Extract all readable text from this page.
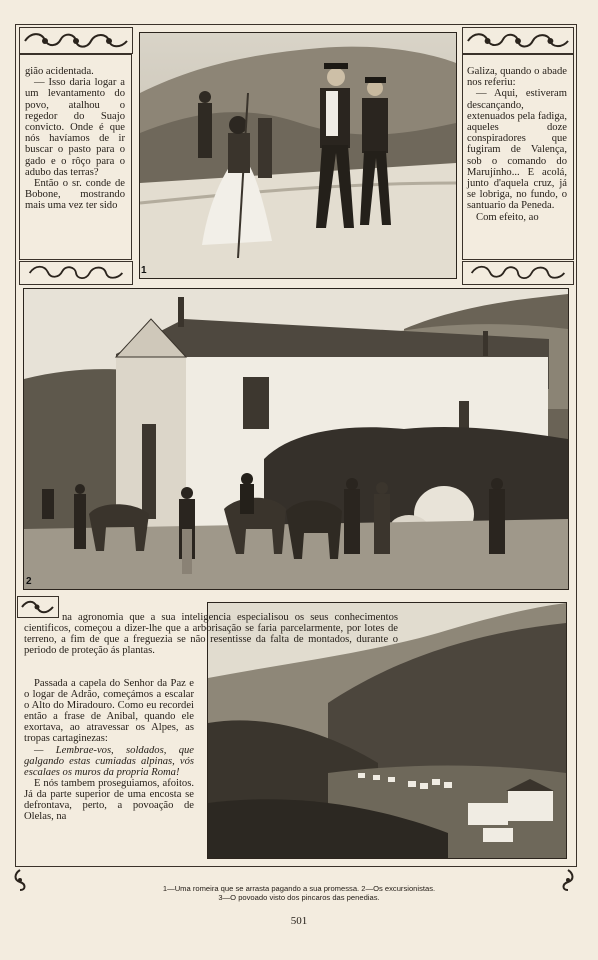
gião acidentada.

— Isso daria logar a um levantamento do povo, atalhou o regedor do Suajo convicto. Onde é que nós havíamos de ir buscar o pasto para o gado e o rôço para o adubo das terras?

Então o sr. conde de Bobone, mostrando mais uma vez ter sido

Galiza, quando o abade nos referiu:

— Aqui, estiveram descançando, extenuados pela fadiga, aqueles doze conspiradores que fugiram de Valença, sob o comando do Marujínho... E acolá, junto d'aquela cruz, já se lobriga, no fundo, o santuario da Peneda.

Com efeito, ao

1
2

na agronomia que a sua inteligencia especialisou os seus conhecimentos cientificos, começou a dizer-lhe que a arborisação se faria parcelarmente, por lotes de terreno, a fim de que a freguezia se não resentisse da falta de montados, durante o periodo de proteção ás plantas.

Passada a capela do Senhor da Paz e o logar de Adrão, começámos a escalar o Alto do Miradouro. Como eu recordei então a frase de Anibal, quando ele exortava, ao atravessar os Alpes, as tropas cartaginezas:

— Lembrae-vos, soldados, que galgando estas cumiadas alpinas, vós escalaes os muros da propria Roma!

E nós tambem proseguiamos, afoitos. Já da parte superior de uma encosta se defrontava, perto, a povoação de Olelas, na

1—Uma romeira que se arrasta pagando a sua promessa. 2—Os excursionistas.
3—O povoado visto dos pincaros das penedias.
501
